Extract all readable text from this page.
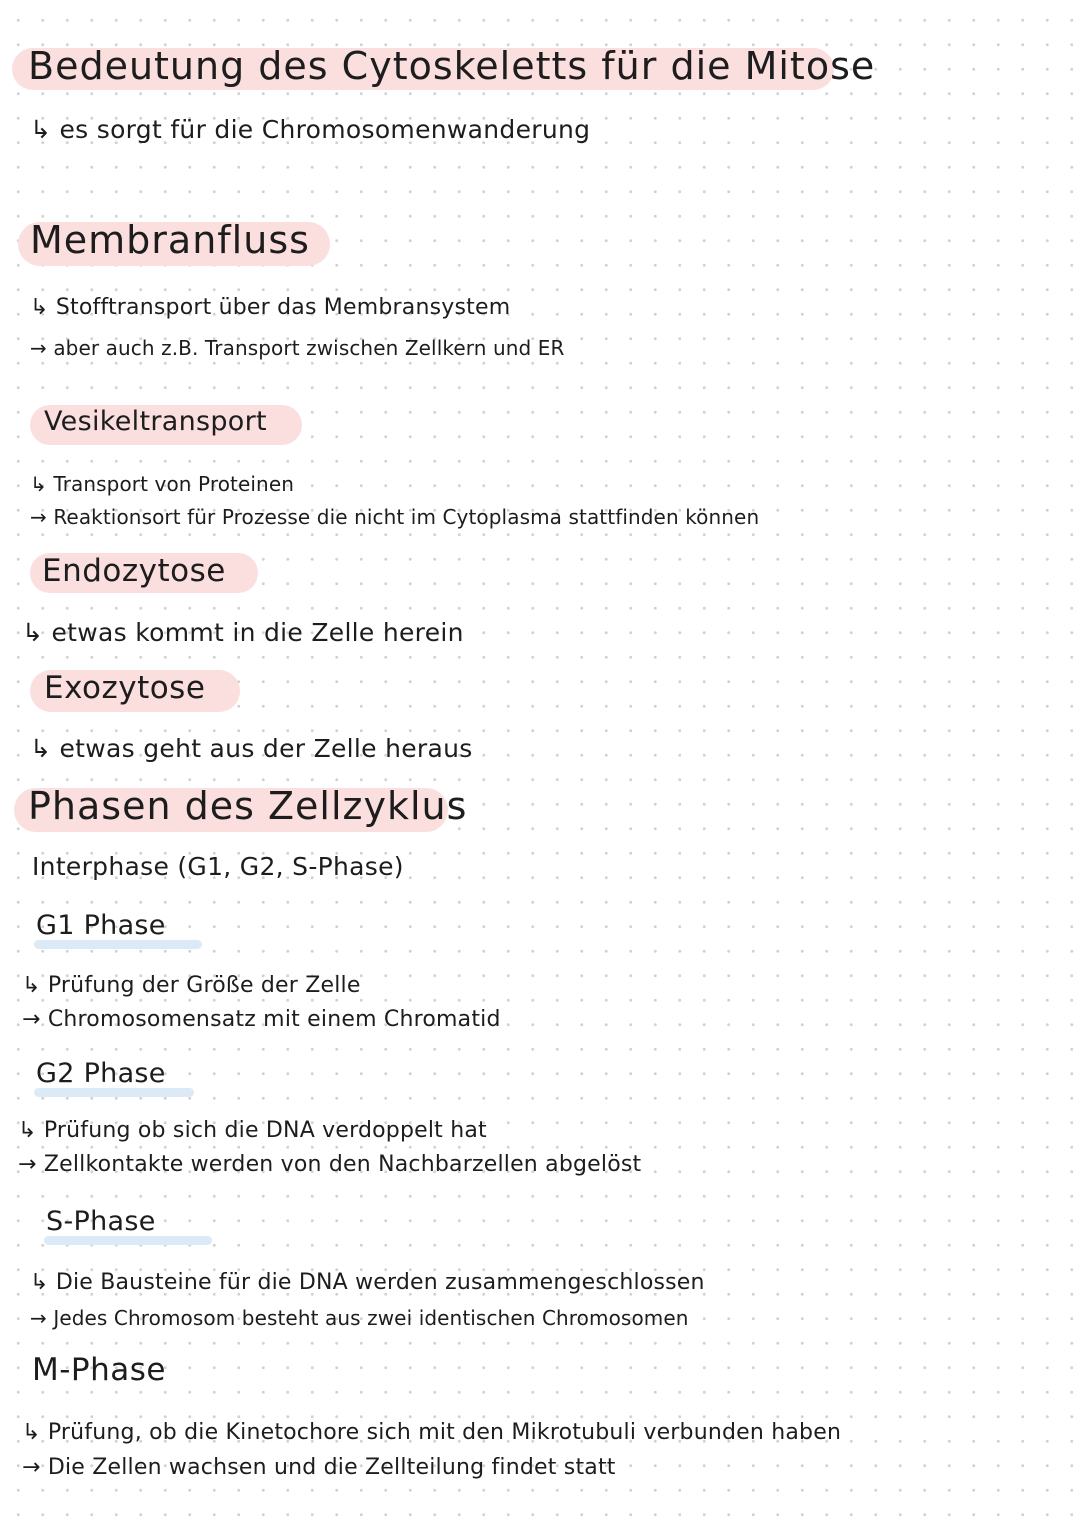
Bedeutung des Cytoskeletts für die Mitose
↳ es sorgt für die Chromosomenwanderung
Membranfluss
↳ Stofftransport über das Membransystem
→ aber auch z.B. Transport zwischen Zellkern und ER
Vesikeltransport
↳ Transport von Proteinen
→ Reaktionsort für Prozesse die nicht im Cytoplasma stattfinden können
Endozytose
↳ etwas kommt in die Zelle herein
Exozytose
↳ etwas geht aus der Zelle heraus
Phasen des Zellzyklus
Interphase (G1, G2, S-Phase)
G1 Phase
↳ Prüfung der Größe der Zelle
→ Chromosomensatz mit einem Chromatid
G2 Phase
↳ Prüfung ob sich die DNA verdoppelt hat
→ Zellkontakte werden von den Nachbarzellen abgelöst
S-Phase
↳ Die Bausteine für die DNA werden zusammengeschlossen
→ Jedes Chromosom besteht aus zwei identischen Chromosomen
M-Phase
↳ Prüfung, ob die Kinetochore sich mit den Mikrotubuli verbunden haben
→ Die Zellen wachsen und die Zellteilung findet statt
